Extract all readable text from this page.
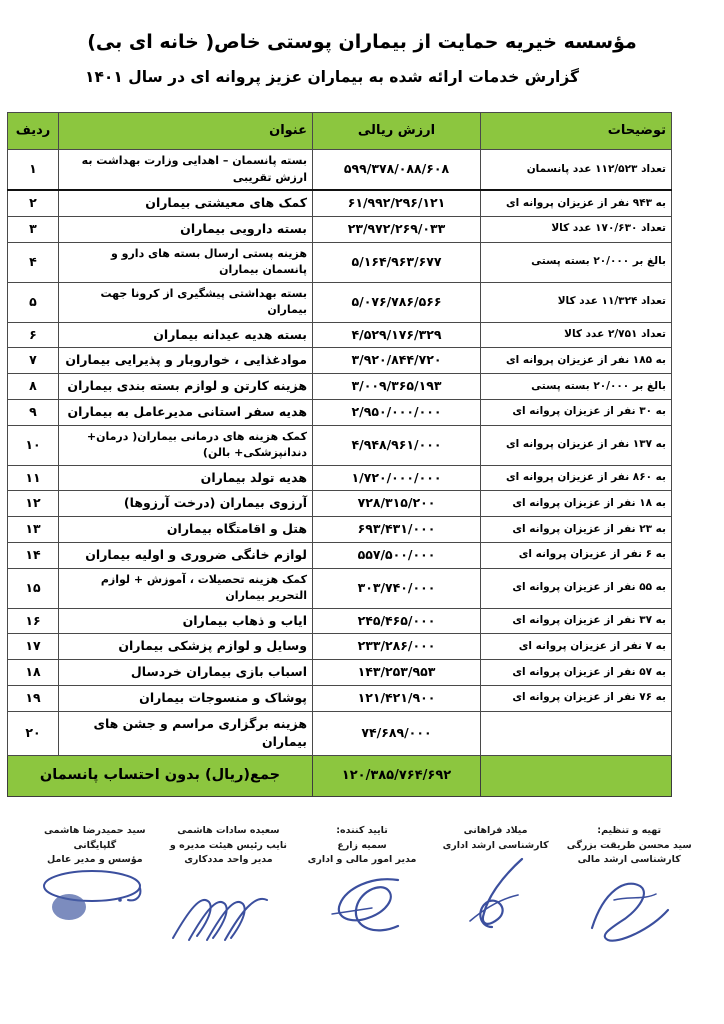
مؤسسه خیریه حمایت از بیماران پوستی خاص( خانه ای بی)
گزارش خدمات ارائه شده به بیماران عزیز پروانه ای در سال ۱۴۰۱
توضیحات	ارزش ریالی	عنوان	ردیف
تعداد ۱۱۲/۵۲۳ عدد پانسمان	۵۹۹/۳۷۸/۰۸۸/۶۰۸	بسته پانسمان – اهدایی وزارت بهداشت به ارزش تقریبی	۱
به ۹۴۳ نفر از عزیزان پروانه ای	۶۱/۹۹۲/۲۹۶/۱۲۱	کمک های معیشتی بیماران	۲
تعداد ۱۷۰/۶۳۰ عدد کالا	۲۳/۹۷۲/۲۶۹/۰۳۳	بسته دارویی بیماران	۳
بالغ بر ۲۰/۰۰۰ بسته پستی	۵/۱۶۴/۹۶۳/۶۷۷	هزینه پستی ارسال بسته های دارو و پانسمان بیماران	۴
تعداد ۱۱/۳۲۴ عدد کالا	۵/۰۷۶/۷۸۶/۵۶۶	بسته بهداشتی پیشگیری از کرونا جهت بیماران	۵
تعداد ۲/۷۵۱ عدد کالا	۴/۵۲۹/۱۷۶/۳۲۹	بسته هدیه عیدانه بیماران	۶
به ۱۸۵ نفر از عزیزان پروانه ای	۳/۹۲۰/۸۴۴/۷۲۰	موادغذایی ، خواروبار و پذیرایی بیماران	۷
بالغ بر ۲۰/۰۰۰ بسته پستی	۳/۰۰۹/۳۶۵/۱۹۳	هزینه کارتن و لوازم بسته بندی بیماران	۸
به ۳۰ نفر از عزیزان پروانه ای	۲/۹۵۰/۰۰۰/۰۰۰	هدیه سفر استانی مدیرعامل به بیماران	۹
به ۱۳۷ نفر از عزیزان پروانه ای	۴/۹۴۸/۹۶۱/۰۰۰	کمک هزینه های درمانی بیماران( درمان+ دندانپزشکی+ بالن)	۱۰
به ۸۶۰ نفر از عزیزان پروانه ای	۱/۷۲۰/۰۰۰/۰۰۰	هدیه تولد بیماران	۱۱
به ۱۸ نفر از عزیزان پروانه ای	۷۲۸/۳۱۵/۲۰۰	آرزوی بیماران (درخت آرزوها)	۱۲
به ۲۳ نفر از عزیزان پروانه ای	۶۹۳/۴۳۱/۰۰۰	هتل و اقامتگاه بیماران	۱۳
به ۶ نفر از عزیزان پروانه ای	۵۵۷/۵۰۰/۰۰۰	لوازم خانگی ضروری و اولیه بیماران	۱۴
به ۵۵ نفر از عزیزان پروانه ای	۳۰۳/۷۴۰/۰۰۰	کمک هزینه تحصیلات ، آموزش + لوازم التحریر بیماران	۱۵
به ۳۷ نفر از عزیزان پروانه ای	۲۴۵/۴۶۵/۰۰۰	ایاب و ذهاب بیماران	۱۶
به ۷ نفر از عزیزان پروانه ای	۲۳۳/۲۸۶/۰۰۰	وسایل و لوازم پزشکی بیماران	۱۷
به ۵۷ نفر از عزیزان پروانه ای	۱۴۳/۲۵۳/۹۵۳	اسباب بازی بیماران خردسال	۱۸
به ۷۶ نفر از عزیزان پروانه ای	۱۲۱/۴۲۱/۹۰۰	پوشاک و منسوجات بیماران	۱۹
	۷۴/۶۸۹/۰۰۰	هزینه برگزاری مراسم و جشن های بیماران	۲۰
	۱۲۰/۳۸۵/۷۶۴/۶۹۲	جمع(ریال) بدون احتساب پانسمان	
تهیه و تنظیم:
سید محسن طریقت بزرگی
کارشناسی ارشد مالی
میلاد فراهانی
کارشناسی ارشد اداری
تایید کننده:
سمیه زارع
مدیر امور مالی و اداری
سعیده سادات هاشمی
نایب رئیس هیئت مدیره و مدیر واحد مددکاری
سید حمیدرضا هاشمی گلپایگانی
مؤسس و مدیر عامل
